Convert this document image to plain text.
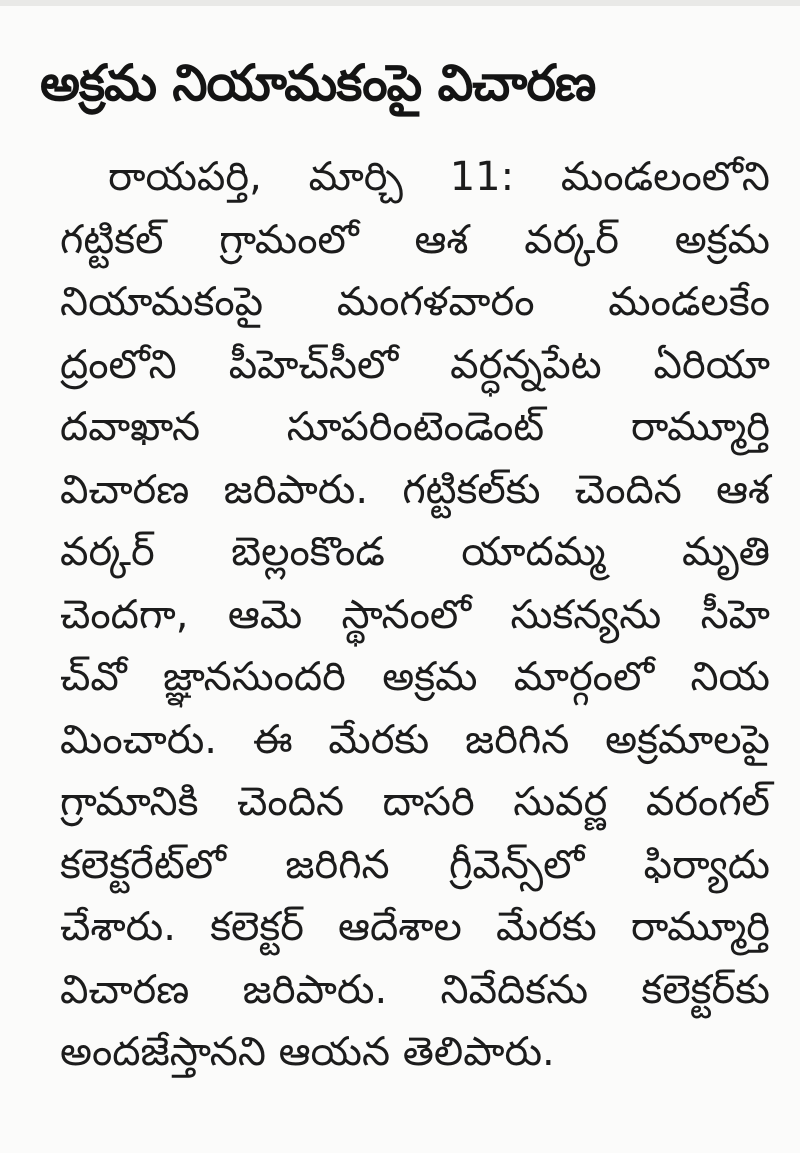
అక్రమ నియామకంపై విచారణ
రాయపర్తి, మార్చి 11: మండలంలోని
గట్టికల్ గ్రామంలో ఆశ వర్కర్ అక్రమ
నియామకంపై మంగళవారం మండలకేం
ద్రంలోని పీహెచ్‌సీలో వర్ధన్నపేట ఏరియా
దవాఖాన సూపరింటెండెంట్ రామ్మూర్తి
విచారణ జరిపారు. గట్టికల్‌కు చెందిన ఆశ
వర్కర్ బెల్లంకొండ యాదమ్మ మృతి
చెందగా, ఆమె స్థానంలో సుకన్యను సీహె
చ్‌వో జ్ఞానసుందరి అక్రమ మార్గంలో నియ
మించారు. ఈ మేరకు జరిగిన అక్రమాలపై
గ్రామానికి చెందిన దాసరి సువర్ణ వరంగల్
కలెక్టరేట్‌లో జరిగిన గ్రీవెన్స్‌లో ఫిర్యాదు
చేశారు. కలెక్టర్ ఆదేశాల మేరకు రామ్మూర్తి
విచారణ జరిపారు. నివేదికను కలెక్టర్‌కు
అందజేస్తానని ఆయన తెలిపారు.
